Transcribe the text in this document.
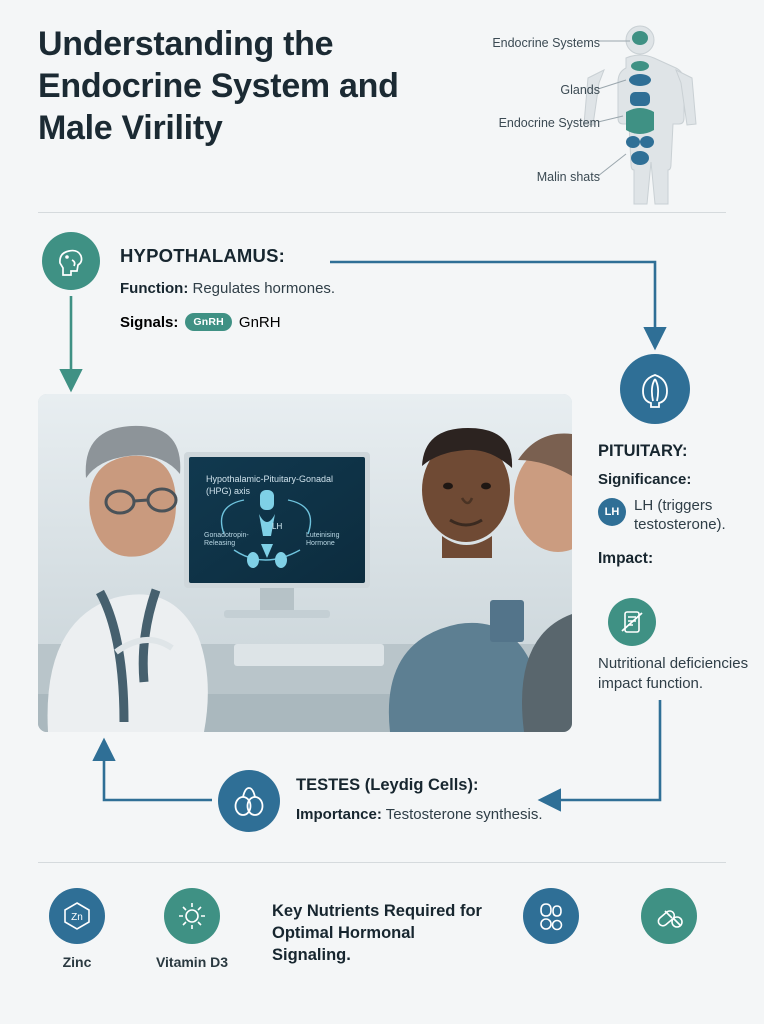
Understanding the Endocrine System and Male Virility
Endocrine Systems
Glands
Endocrine System
Malin shats
HYPOTHALAMUS:
Function: Regulates hormones.
Signals:	GnRH	GnRH
Hypothalamic-Pituitary-Gonadal
(HPG) axis
Gonadotropin-
Releasing
Luteinising
Hormone
LH
PITUITARY:
Significance:
LH LH (triggers testosterone).
Impact:
Nutritional deficiencies impact function.
TESTES (Leydig Cells):
Importance: Testosterone synthesis.
Zn
Zinc	Vitamin D3
Key Nutrients Required for Optimal Hormonal Signaling.
